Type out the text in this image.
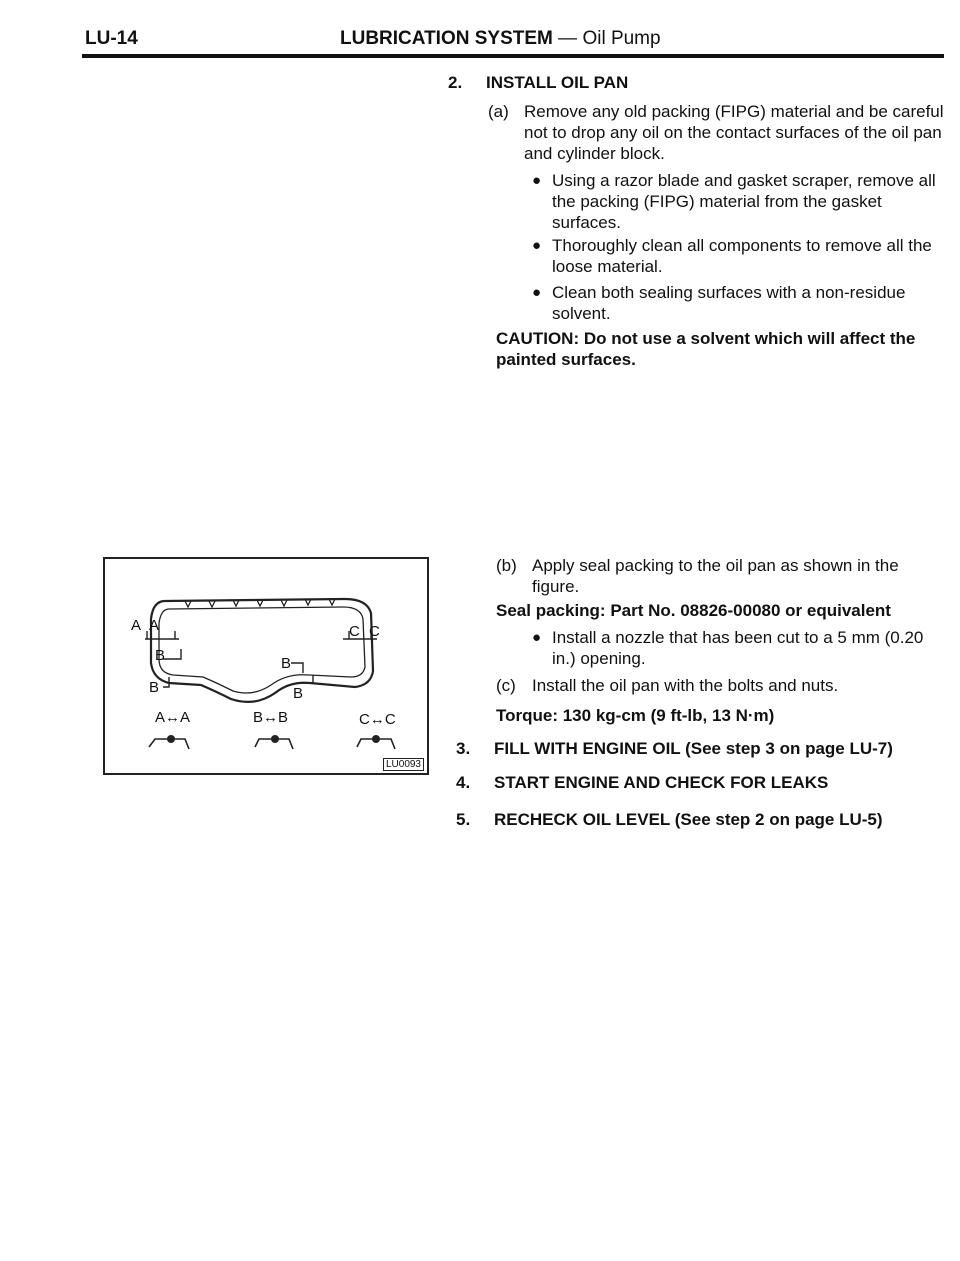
LU-14	LUBRICATION SYSTEM — Oil Pump
2. INSTALL OIL PAN
(a) Remove any old packing (FIPG) material and be careful not to drop any oil on the contact surfaces of the oil pan and cylinder block.
● Using a razor blade and gasket scraper, remove all the packing (FIPG) material from the gasket surfaces.
● Thoroughly clean all components to remove all the loose material.
● Clean both sealing surfaces with a non-residue solvent.
CAUTION: Do not use a solvent which will affect the painted surfaces.
A A	C C
B
B
B
B
A↔A	B↔B	C↔C
LU0093
(b) Apply seal packing to the oil pan as shown in the figure.
Seal packing: Part No. 08826-00080 or equivalent
● Install a nozzle that has been cut to a 5 mm (0.20 in.) opening.
(c) Install the oil pan with the bolts and nuts.
Torque: 130 kg-cm (9 ft-lb, 13 N·m)
3. FILL WITH ENGINE OIL (See step 3 on page LU-7)
4. START ENGINE AND CHECK FOR LEAKS
5. RECHECK OIL LEVEL (See step 2 on page LU-5)
